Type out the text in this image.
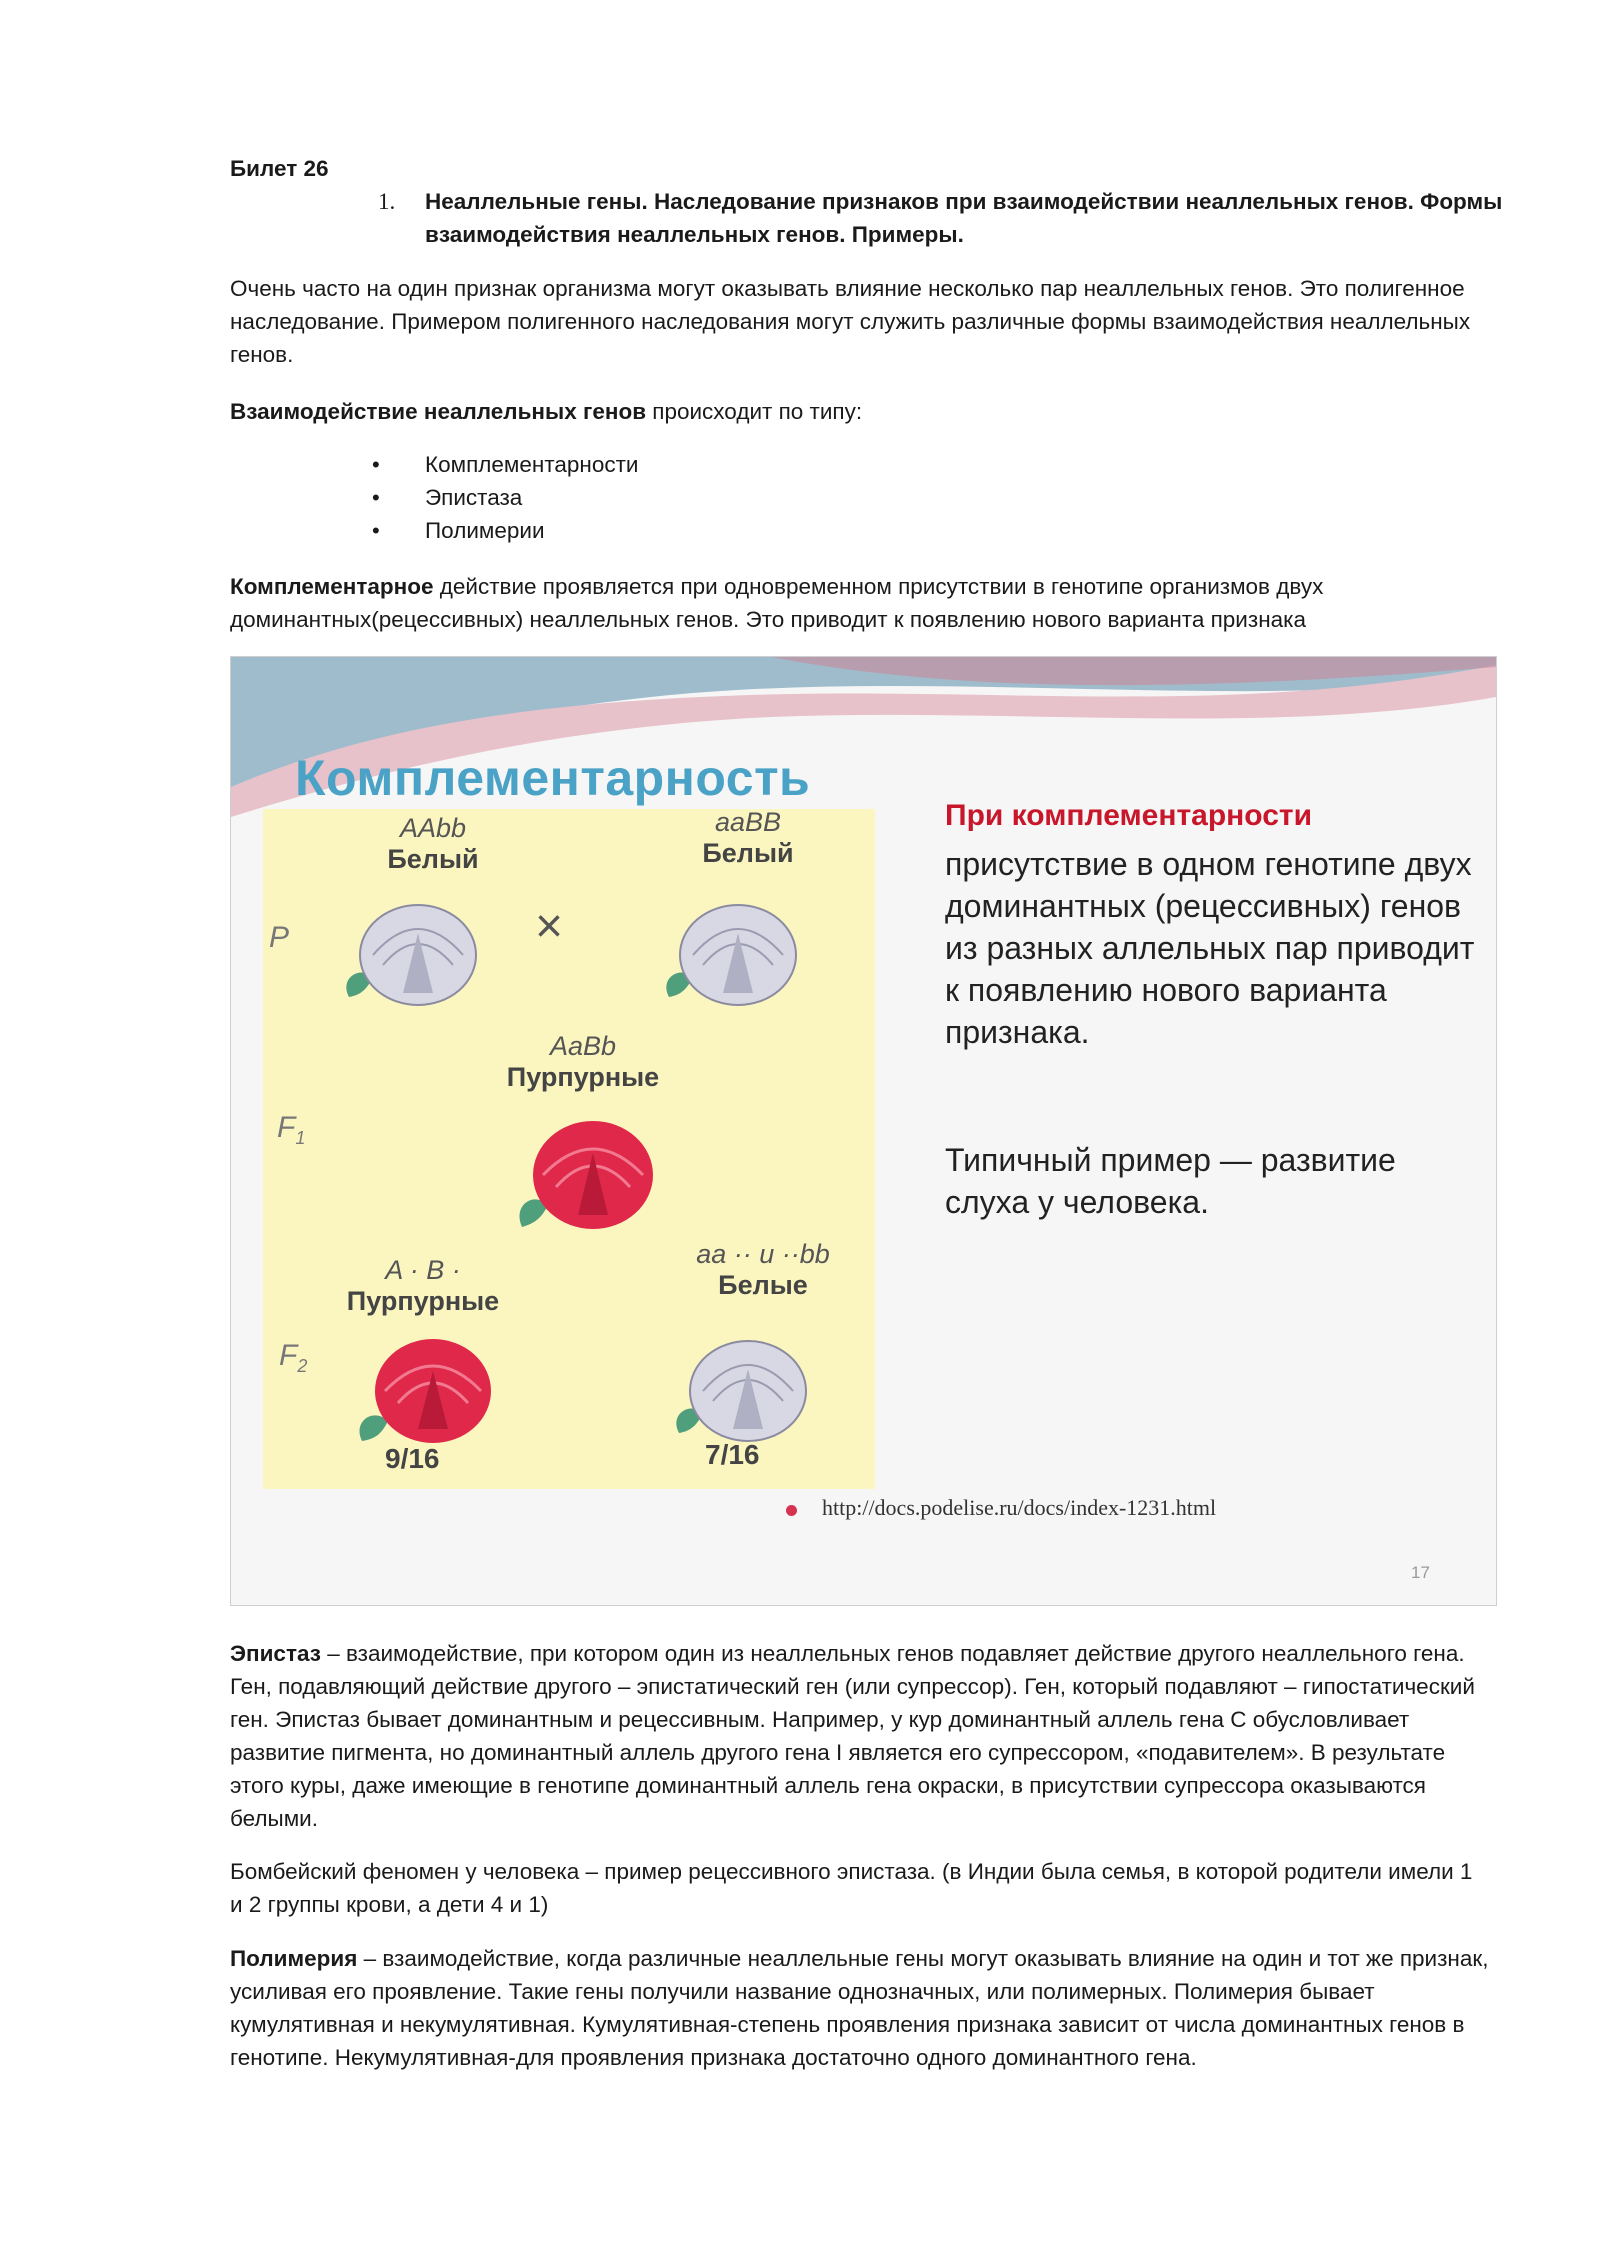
Билет 26
1. Неаллельные гены. Наследование признаков при взаимодействии неаллельных генов. Формы взаимодействия неаллельных генов. Примеры.
Очень часто на один признак организма могут оказывать влияние несколько пар неаллельных генов. Это полигенное наследование. Примером полигенного наследования могут служить различные формы взаимодействия неаллельных генов.
Взаимодействие неаллельных генов происходит по типу:
• Комплементарности
• Эпистаза
• Полимерии
Комплементарное действие проявляется при одновременном присутствии в генотипе организмов двух доминантных(рецессивных) неаллельных генов. Это приводит к появлению нового варианта признака
Комплементарность
P
$F_1$
$F_2$
AAbb
Белый
×
aaBB
Белый
AaBb
Пурпурные
A · B ·
Пурпурные
9/16
aa ·· и ··bb
Белые
7/16
При комплементарности
присутствие в одном генотипе двух доминантных (рецессивных) генов из разных аллельных пар приводит к появлению нового варианта признака.
Типичный пример — развитие слуха у человека.
http://docs.podelise.ru/docs/index-1231.html
17
Эпистаз – взаимодействие, при котором один из неаллельных генов подавляет действие другого неаллельного гена. Ген, подавляющий действие другого – эпистатический ген (или супрессор). Ген, который подавляют – гипостатический ген. Эпистаз бывает доминантным и рецессивным. Например, у кур доминантный аллель гена С обусловливает развитие пигмента, но доминантный аллель другого гена I является его супрессором, «подавителем». В результате этого куры, даже имеющие в генотипе доминантный аллель гена окраски, в присутствии супрессора оказываются белыми.
Бомбейский феномен у человека – пример рецессивного эпистаза. (в Индии была семья, в которой родители имели 1 и 2 группы крови, а дети 4 и 1)
Полимерия – взаимодействие, когда различные неаллельные гены могут оказывать влияние на один и тот же признак, усиливая его проявление. Такие гены получили название однозначных, или полимерных. Полимерия бывает кумулятивная и некумулятивная. Кумулятивная-степень проявления признака зависит от числа доминантных генов в генотипе. Некумулятивная-для проявления признака достаточно одного доминантного гена.
